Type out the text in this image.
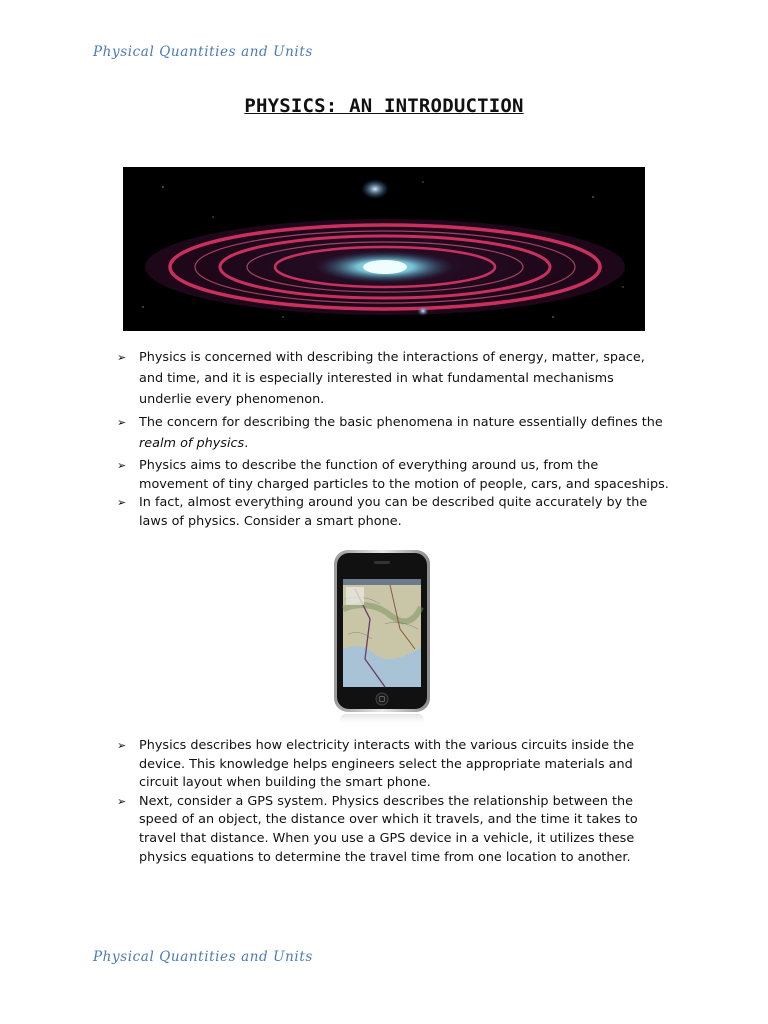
Physical Quantities and Units
PHYSICS: AN INTRODUCTION
➢ Physics is concerned with describing the interactions of energy, matter, space, and time, and it is especially interested in what fundamental mechanisms underlie every phenomenon.
➢ The concern for describing the basic phenomena in nature essentially defines the realm of physics.
➢ Physics aims to describe the function of everything around us, from the movement of tiny charged particles to the motion of people, cars, and spaceships.
➢ In fact, almost everything around you can be described quite accurately by the laws of physics. Consider a smart phone.
➢ Physics describes how electricity interacts with the various circuits inside the device. This knowledge helps engineers select the appropriate materials and circuit layout when building the smart phone.
➢ Next, consider a GPS system. Physics describes the relationship between the speed of an object, the distance over which it travels, and the time it takes to travel that distance. When you use a GPS device in a vehicle, it utilizes these physics equations to determine the travel time from one location to another.
Physical Quantities and Units
